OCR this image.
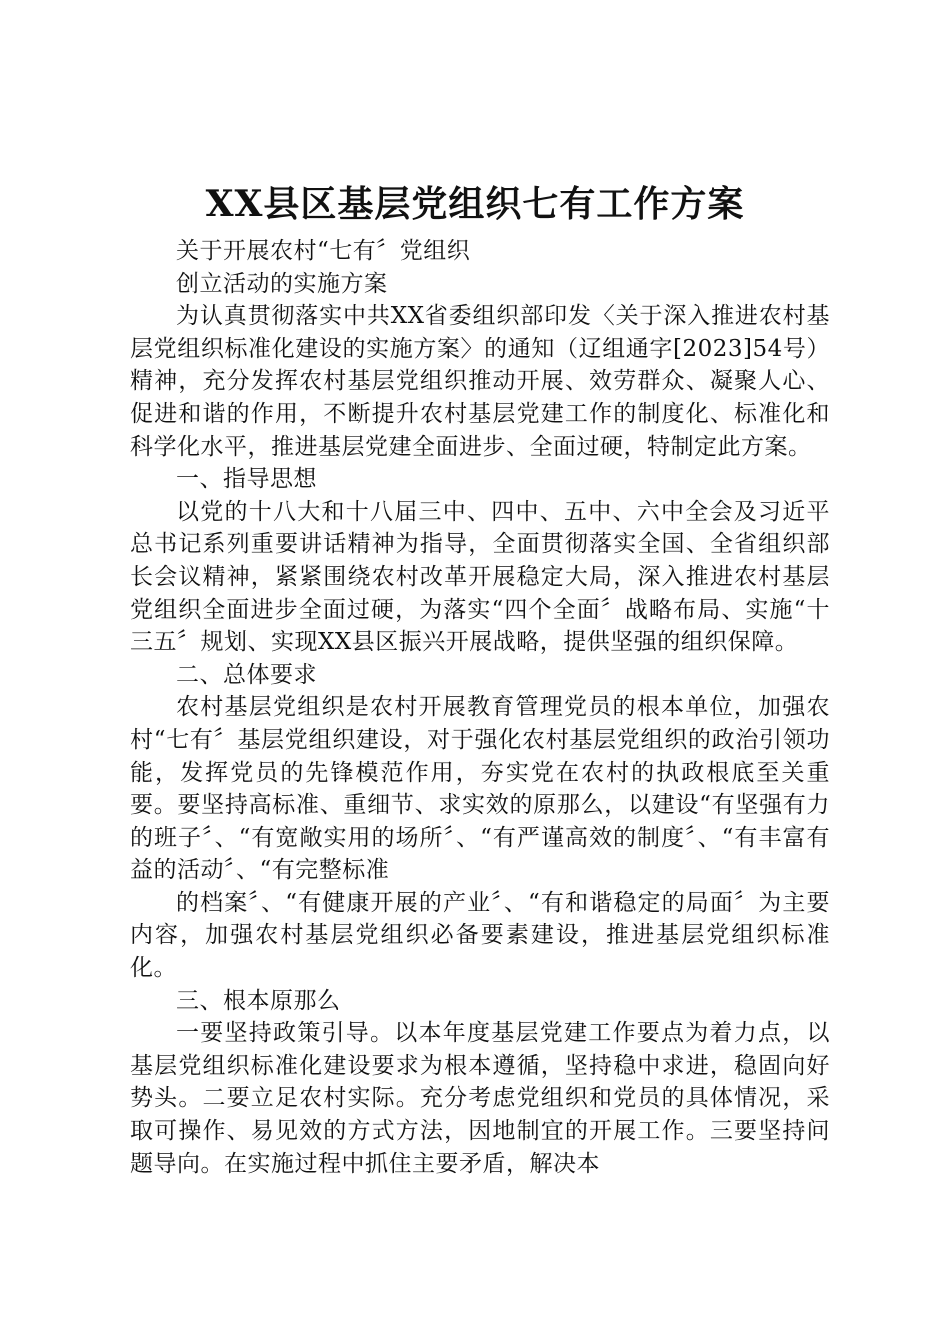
XX县区基层党组织七有工作方案

关于开展农村“七有〞党组织

创立活动的实施方案

为认真贯彻落实中共XX省委组织部印发〈关于深入推进农村基层党组织标准化建设的实施方案〉的通知（辽组通字[2023]54号）精神，充分发挥农村基层党组织推动开展、效劳群众、凝聚人心、促进和谐的作用，不断提升农村基层党建工作的制度化、标准化和科学化水平，推进基层党建全面进步、全面过硬，特制定此方案。

一、指导思想

以党的十八大和十八届三中、四中、五中、六中全会及习近平总书记系列重要讲话精神为指导，全面贯彻落实全国、全省组织部长会议精神，紧紧围绕农村改革开展稳定大局，深入推进农村基层党组织全面进步全面过硬，为落实“四个全面〞战略布局、实施“十三五〞规划、实现XX县区振兴开展战略，提供坚强的组织保障。

二、总体要求

农村基层党组织是农村开展教育管理党员的根本单位，加强农村“七有〞基层党组织建设，对于强化农村基层党组织的政治引领功能，发挥党员的先锋模范作用，夯实党在农村的执政根底至关重要。要坚持高标准、重细节、求实效的原那么，以建设“有坚强有力的班子〞、“有宽敞实用的场所〞、“有严谨高效的制度〞、“有丰富有益的活动〞、“有完整标准

的档案〞、“有健康开展的产业〞、“有和谐稳定的局面〞为主要内容，加强农村基层党组织必备要素建设，推进基层党组织标准化。

三、根本原那么

一要坚持政策引导。以本年度基层党建工作要点为着力点，以基层党组织标准化建设要求为根本遵循，坚持稳中求进，稳固向好势头。二要立足农村实际。充分考虑党组织和党员的具体情况，采取可操作、易见效的方式方法，因地制宜的开展工作。三要坚持问题导向。在实施过程中抓住主要矛盾，解决本
